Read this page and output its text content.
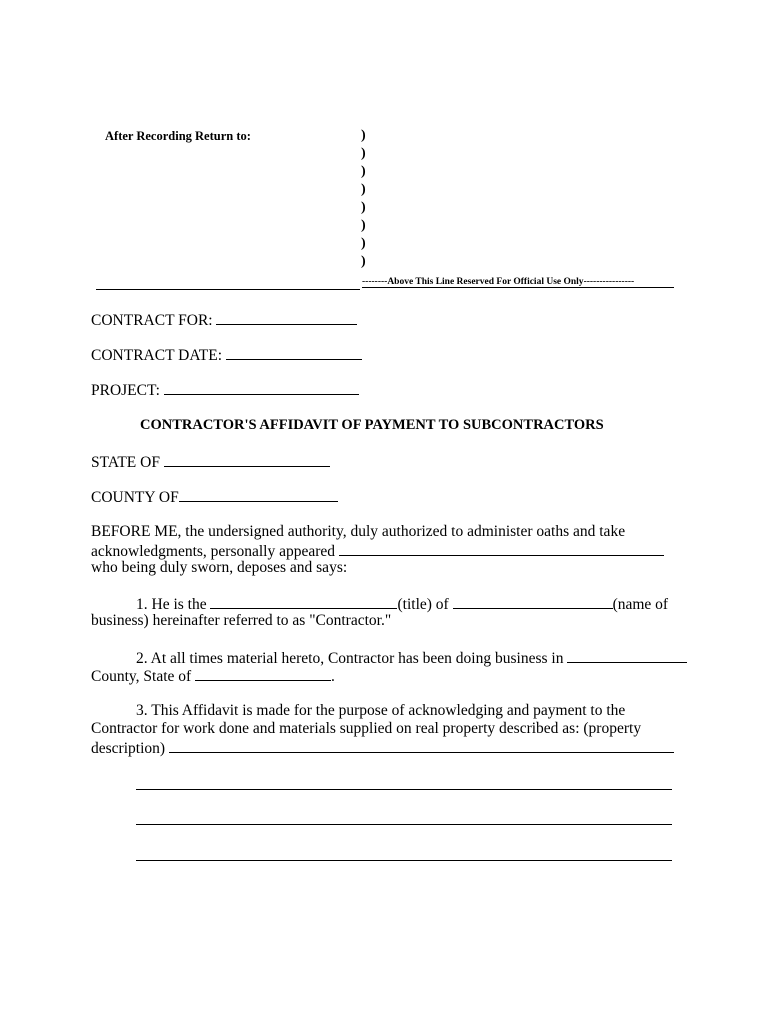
After Recording Return to:	)
)
)
)
)
)
)
)
--------Above This Line Reserved For Official Use Only----------------
CONTRACT FOR:
CONTRACT DATE:
PROJECT:
CONTRACTOR'S AFFIDAVIT OF PAYMENT TO SUBCONTRACTORS
STATE OF
COUNTY OF
BEFORE ME, the undersigned authority, duly authorized to administer oaths and take
acknowledgments, personally appeared
who being duly sworn, deposes and says:
1. He is the	(title) of	(name of
business) hereinafter referred to as "Contractor."
2. At all times material hereto, Contractor has been doing business in
County, State of	.
3. This Affidavit is made for the purpose of acknowledging and payment to the
Contractor for work done and materials supplied on real property described as: (property
description)
